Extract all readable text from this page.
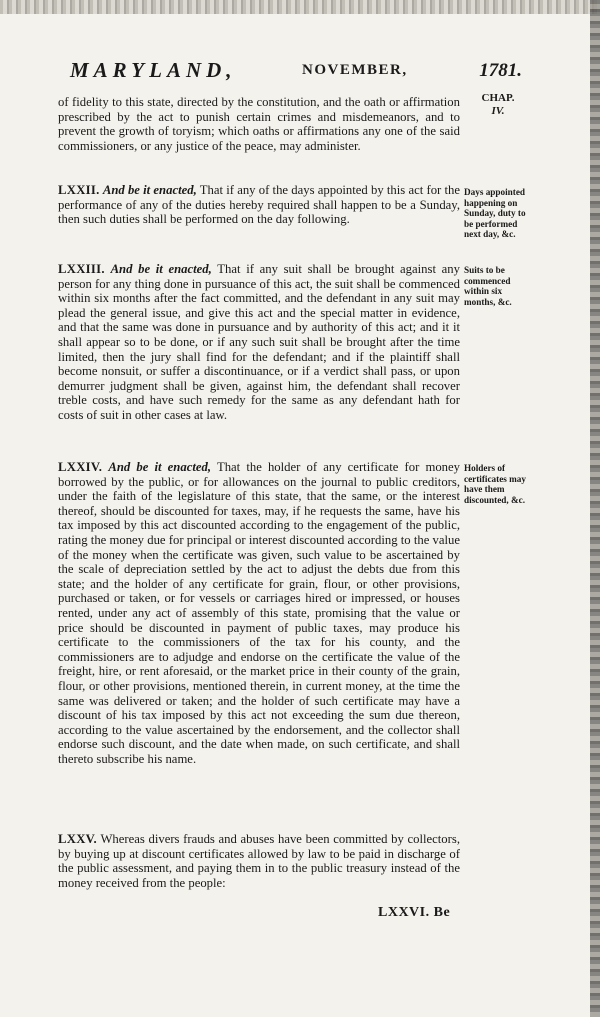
MARYLAND,	NOVEMBER,	1781.
CHAP.
IV.

of fidelity to this state, directed by the constitution, and the oath or affirmation prescribed by the act to punish certain crimes and misdemeanors, and to prevent the growth of toryism; which oaths or affirmations any one of the said commissioners, or any justice of the peace, may administer.

LXXII. And be it enacted, That if any of the days appointed by this act for the performance of any of the duties hereby required shall happen to be a Sunday, then such duties shall be performed on the day following.

Days appointed happening on Sunday, duty to be performed next day, &c.

LXXIII. And be it enacted, That if any suit shall be brought against any person for any thing done in pursuance of this act, the suit shall be commenced within six months after the fact committed, and the defendant in any suit may plead the general issue, and give this act and the special matter in evidence, and that the same was done in pursuance and by authority of this act; and it it shall appear so to be done, or if any such suit shall be brought after the time limited, then the jury shall find for the defendant; and if the plaintiff shall become nonsuit, or suffer a discontinuance, or if a verdict shall pass, or upon demurrer judgment shall be given, against him, the defendant shall recover treble costs, and have such remedy for the same as any defendant hath for costs of suit in other cases at law.

Suits to be commenced within six months, &c.

LXXIV. And be it enacted, That the holder of any certificate for money borrowed by the public, or for allowances on the journal to public creditors, under the faith of the legislature of this state, that the same, or the interest thereof, should be discounted for taxes, may, if he requests the same, have his tax imposed by this act discounted according to the engagement of the public, rating the money due for principal or interest discounted according to the value of the money when the certificate was given, such value to be ascertained by the scale of depreciation settled by the act to adjust the debts due from this state; and the holder of any certificate for grain, flour, or other provisions, purchased or taken, or for vessels or carriages hired or impressed, or houses rented, under any act of assembly of this state, promising that the value or price should be discounted in payment of public taxes, may produce his certificate to the commissioners of the tax for his county, and the commissioners are to adjudge and endorse on the certificate the value of the freight, hire, or rent aforesaid, or the market price in their county of the grain, flour, or other provisions, mentioned therein, in current money, at the time the same was delivered or taken; and the holder of such certificate may have a discount of his tax imposed by this act not exceeding the sum due thereon, according to the value ascertained by the endorsement, and the collector shall endorse such discount, and the date when made, on such certificate, and shall thereto subscribe his name.

Holders of certificates may have them discounted, &c.

LXXV. Whereas divers frauds and abuses have been committed by collectors, by buying up at discount certificates allowed by law to be paid in discharge of the public assessment, and paying them in to the public treasury instead of the money received from the people:

LXXVI. Be
